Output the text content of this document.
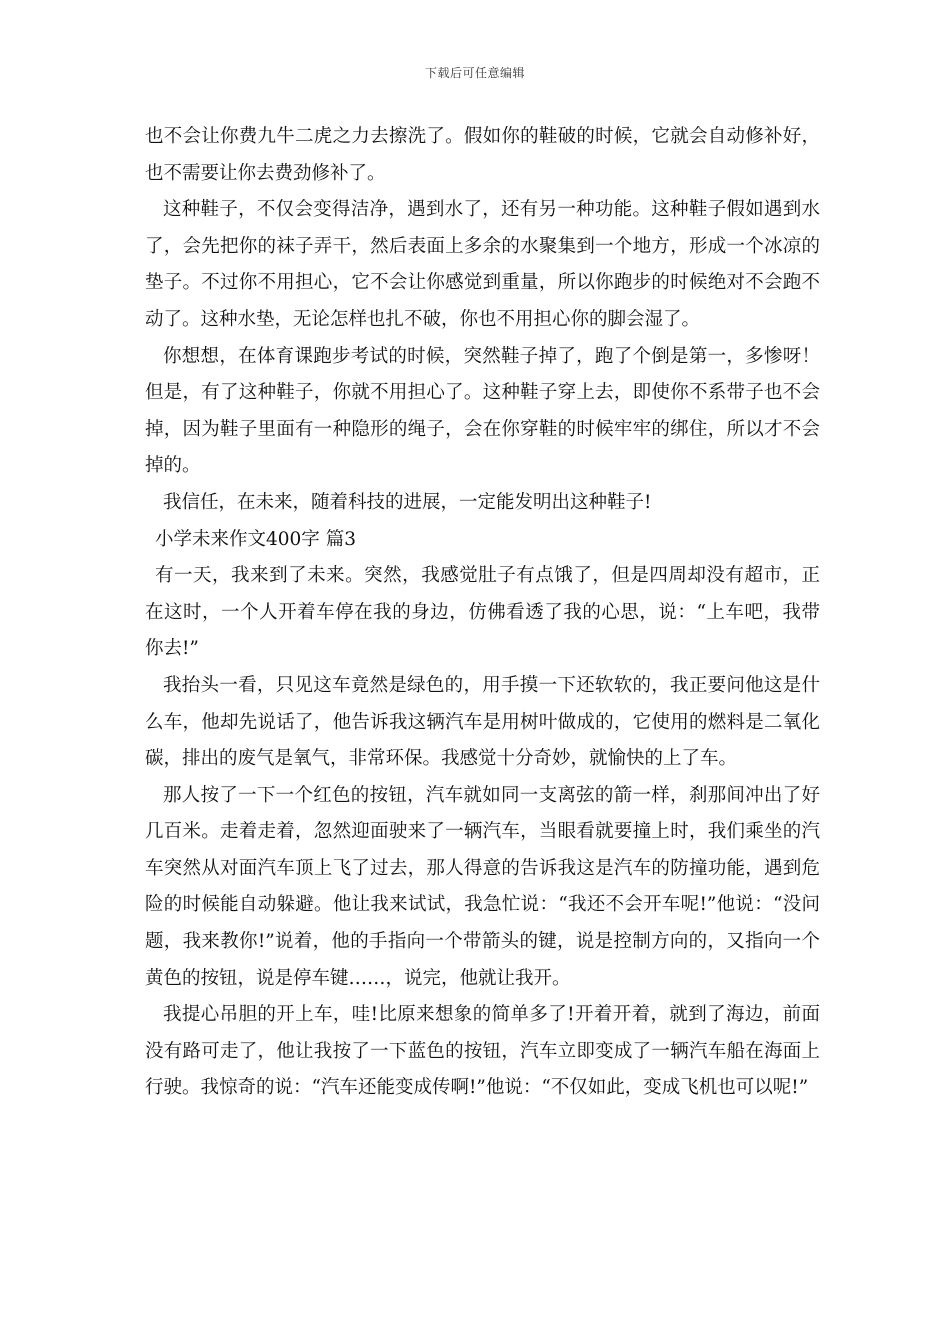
下载后可任意编辑

也不会让你费九牛二虎之力去擦洗了。假如你的鞋破的时候，它就会自动修补好，也不需要让你去费劲修补了。

这种鞋子，不仅会变得洁净，遇到水了，还有另一种功能。这种鞋子假如遇到水了，会先把你的袜子弄干，然后表面上多余的水聚集到一个地方，形成一个冰凉的垫子。不过你不用担心，它不会让你感觉到重量，所以你跑步的时候绝对不会跑不动了。这种水垫，无论怎样也扎不破，你也不用担心你的脚会湿了。

你想想，在体育课跑步考试的时候，突然鞋子掉了，跑了个倒是第一，多惨呀！但是，有了这种鞋子，你就不用担心了。这种鞋子穿上去，即使你不系带子也不会掉，因为鞋子里面有一种隐形的绳子，会在你穿鞋的时候牢牢的绑住，所以才不会掉的。

我信任，在未来，随着科技的进展，一定能发明出这种鞋子!

小学未来作文400字 篇3

有一天，我来到了未来。突然，我感觉肚子有点饿了，但是四周却没有超市，正在这时，一个人开着车停在我的身边，仿佛看透了我的心思，说：“上车吧，我带你去!”

我抬头一看，只见这车竟然是绿色的，用手摸一下还软软的，我正要问他这是什么车，他却先说话了，他告诉我这辆汽车是用树叶做成的，它使用的燃料是二氧化碳，排出的废气是氧气，非常环保。我感觉十分奇妙，就愉快的上了车。

那人按了一下一个红色的按钮，汽车就如同一支离弦的箭一样，刹那间冲出了好几百米。走着走着，忽然迎面驶来了一辆汽车，当眼看就要撞上时，我们乘坐的汽车突然从对面汽车顶上飞了过去，那人得意的告诉我这是汽车的防撞功能，遇到危险的时候能自动躲避。他让我来试试，我急忙说：“我还不会开车呢!”他说：“没问题，我来教你!”说着，他的手指向一个带箭头的键，说是控制方向的，又指向一个黄色的按钮，说是停车键……，说完，他就让我开。

我提心吊胆的开上车，哇!比原来想象的简单多了!开着开着，就到了海边，前面没有路可走了，他让我按了一下蓝色的按钮，汽车立即变成了一辆汽车船在海面上行驶。我惊奇的说：“汽车还能变成传啊!”他说：“不仅如此，变成飞机也可以呢!”
